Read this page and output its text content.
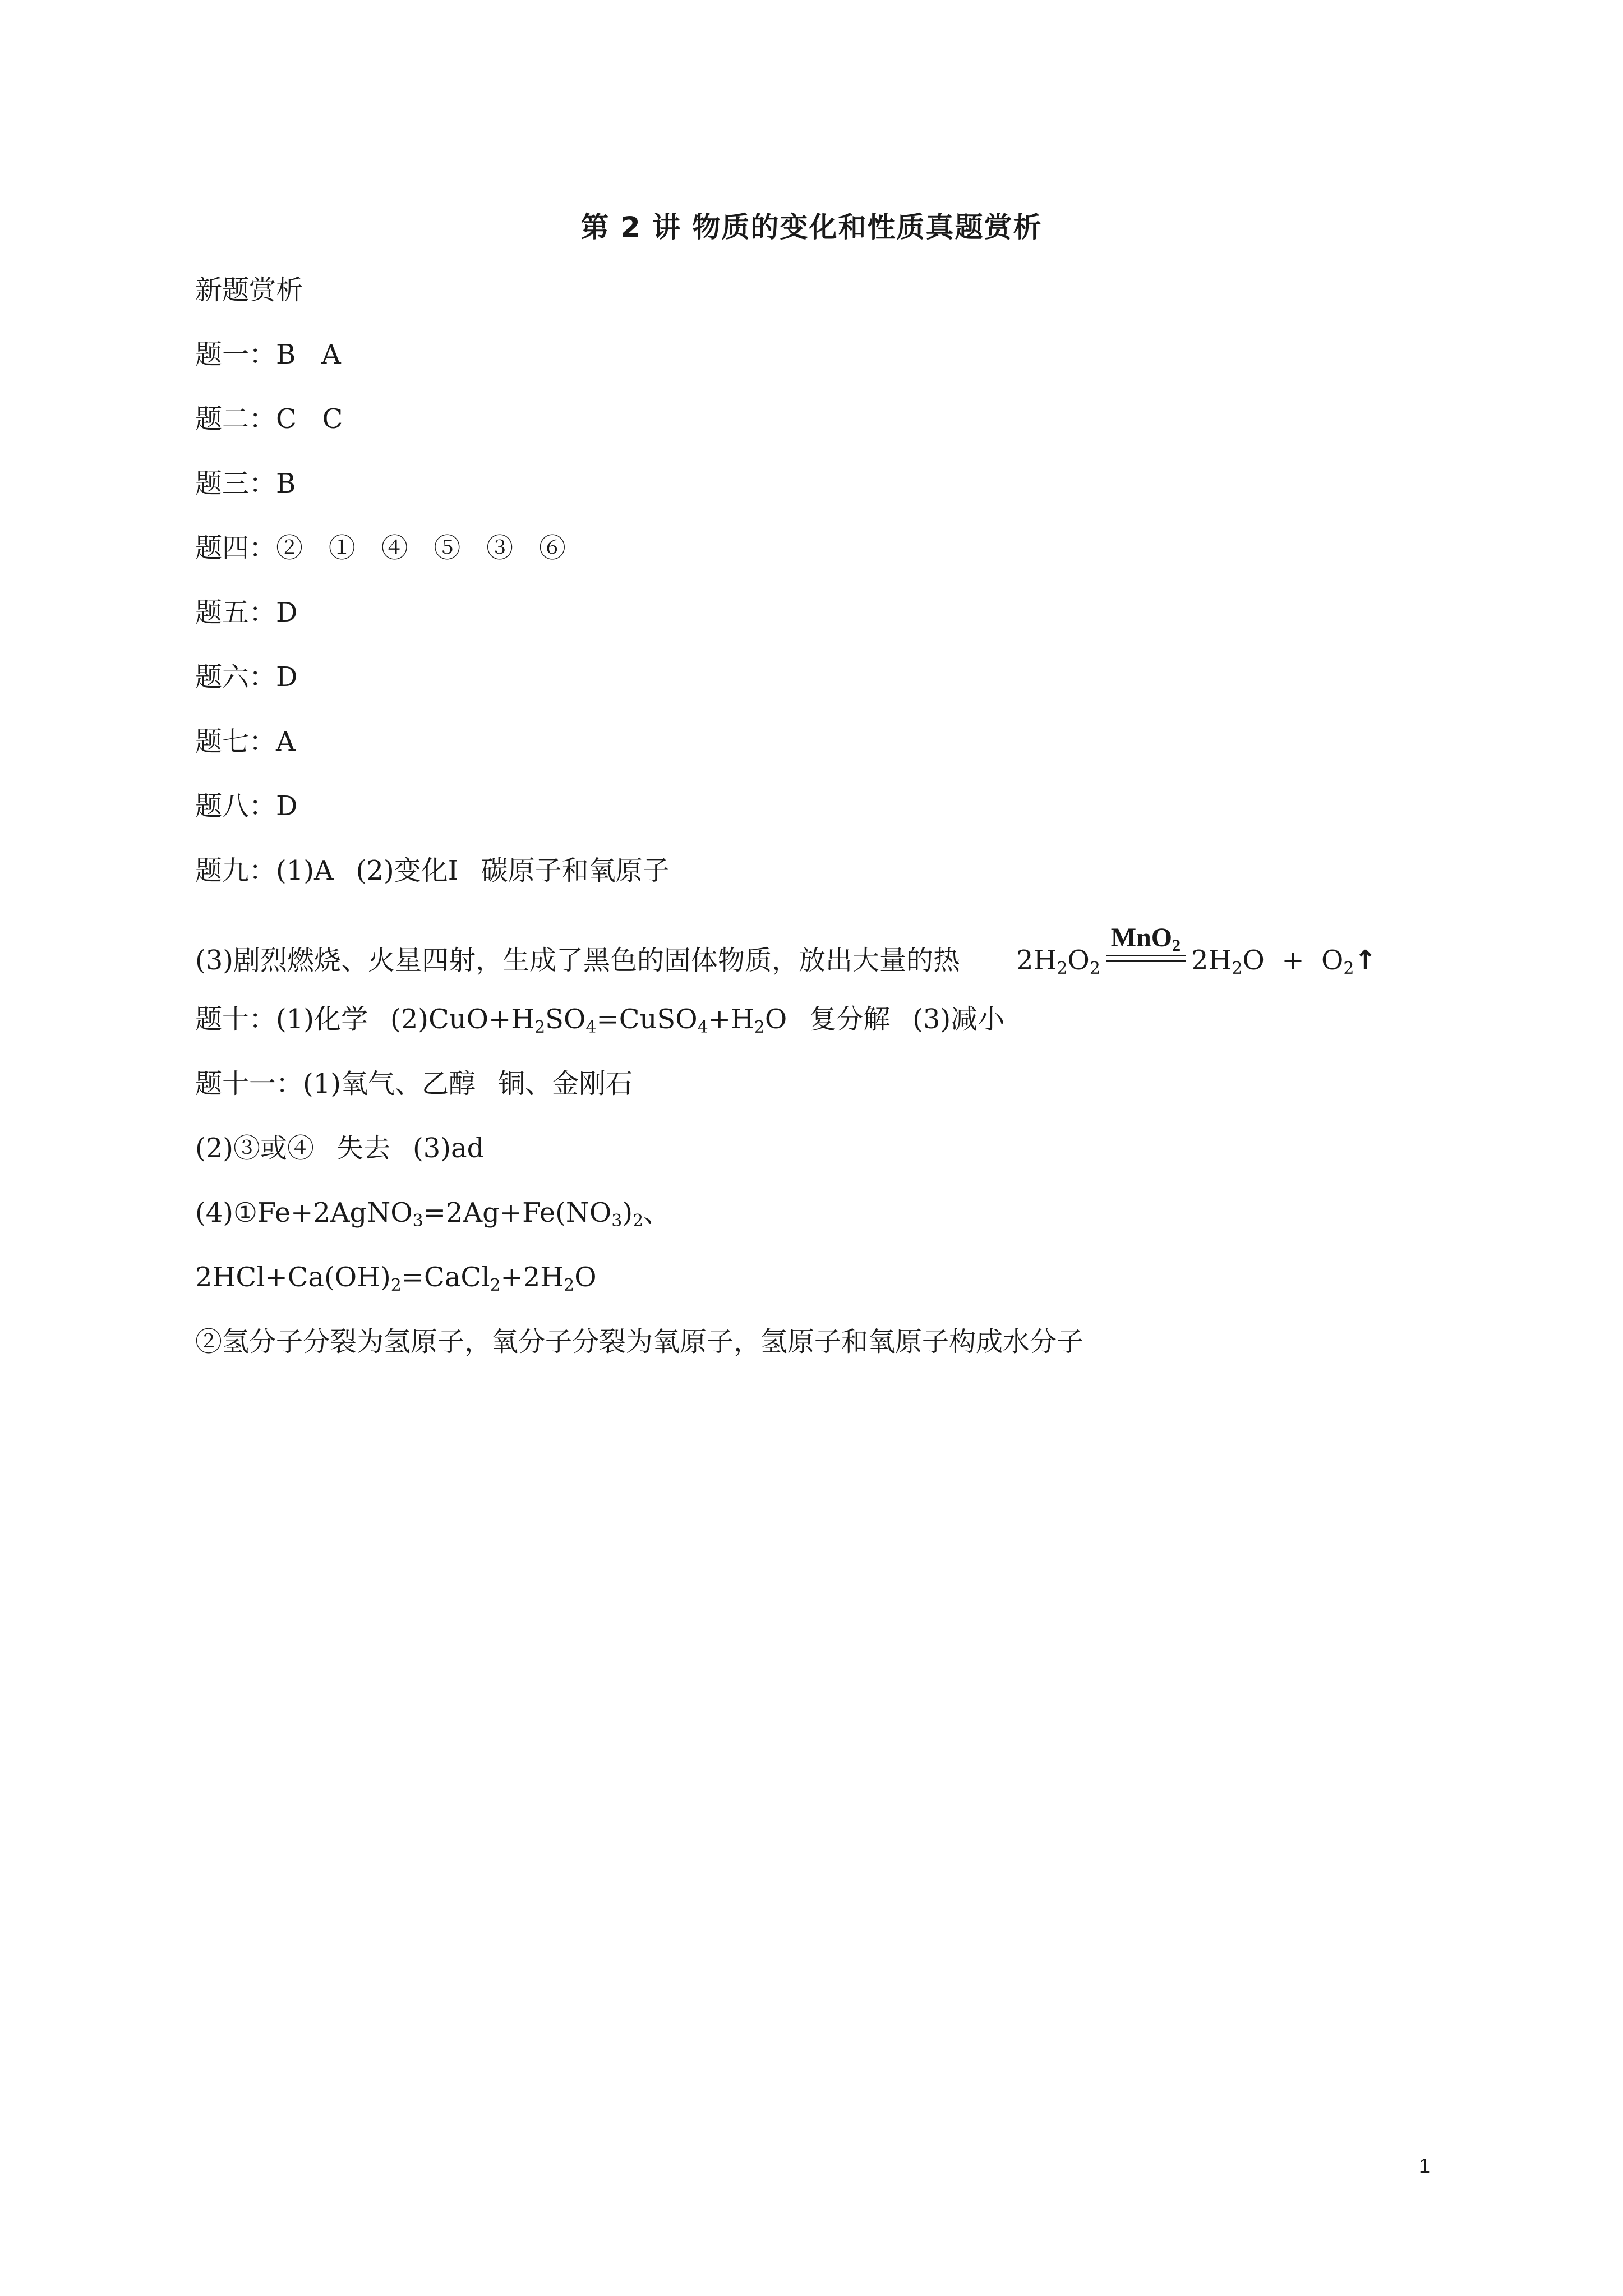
第 2 讲 物质的变化和性质真题赏析
新题赏析
题一：B   A
题二：C   C
题三：B
题四：②   ①   ④   ⑤   ③   ⑥
题五：D
题六：D
题七：A
题八：D
题九：(1)A (2)变化Ⅰ 碳原子和氧原子
(3)剧烈燃烧、火星四射，生成了黑色的固体物质，放出大量的热 $2H_2O_2$
MnO$_2$ $2H_2O$  +  $O_2↑$
题十：(1)化学 $(2)CuO+H_2SO_4=CuSO_4+H_2O$ 复分解 (3)减小
题十一：(1)氧气、乙醇 铜、金刚石
(2)③或④ 失去 (3)ad
$(4)①Fe+2AgNO_3=2Ag+Fe(NO_3)_2$、
$2HCl+Ca(OH)_2=CaCl_2+2H_2O$
②氢分子分裂为氢原子，氧分子分裂为氧原子，氢原子和氧原子构成水分子
1
